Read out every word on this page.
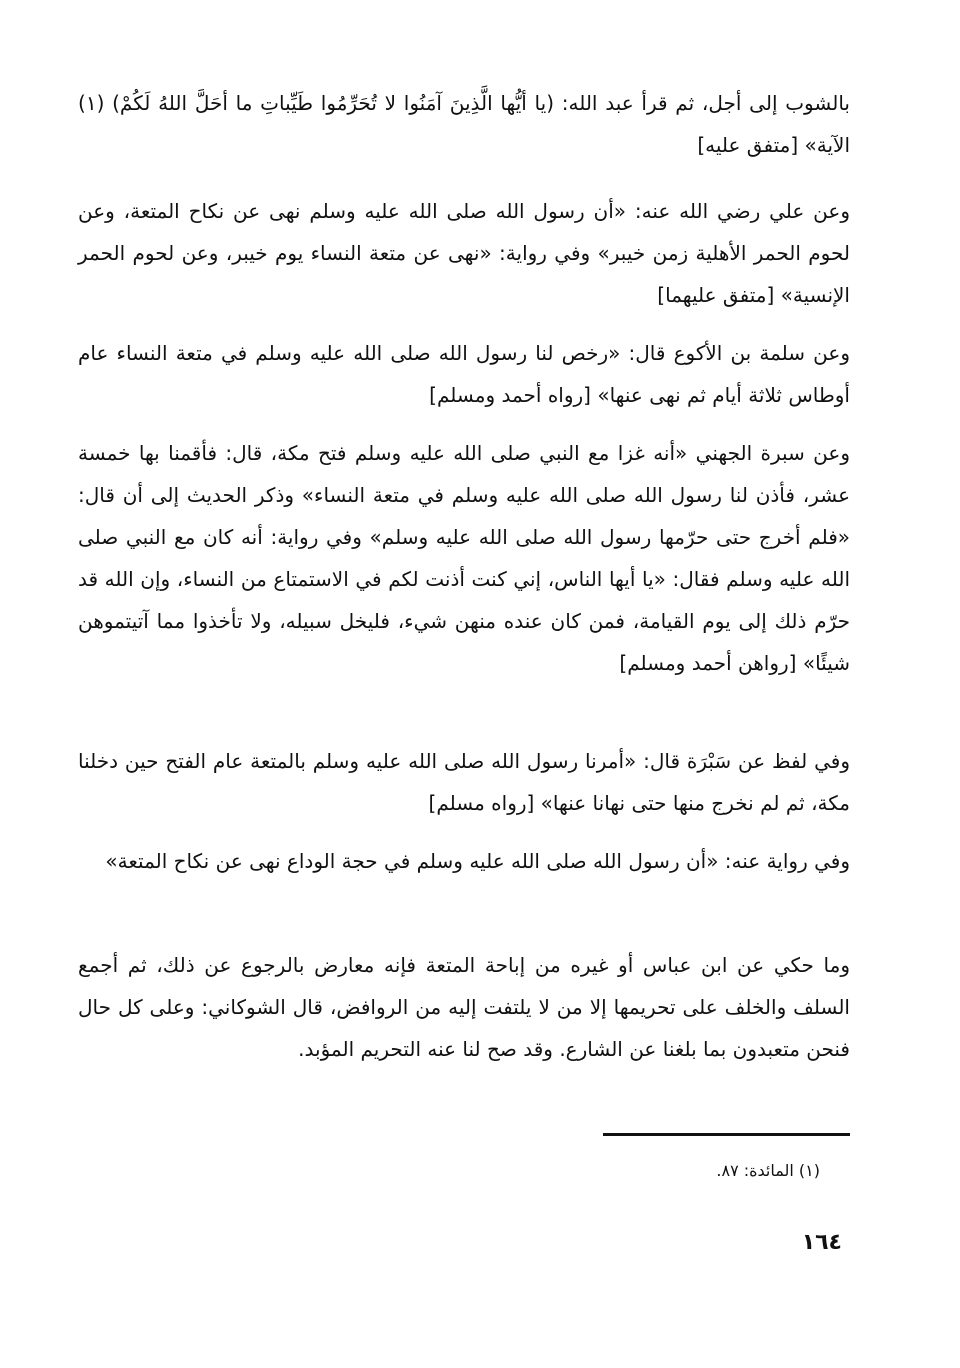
بالشوب إلى أجل، ثم قرأ عبد الله: (يا أيُّها الَّذِينَ آمَنُوا لا تُحَرِّمُوا طَيِّباتِ ما أحَلَّ اللهُ لَكُمْ) (١) الآية» [متفق عليه]

وعن علي رضي الله عنه: «أن رسول الله صلى الله عليه وسلم نهى عن نكاح المتعة، وعن لحوم الحمر الأهلية زمن خيبر» وفي رواية: «نهى عن متعة النساء يوم خيبر، وعن لحوم الحمر الإنسية» [متفق عليهما]

وعن سلمة بن الأكوع قال: «رخص لنا رسول الله صلى الله عليه وسلم في متعة النساء عام أوطاس ثلاثة أيام ثم نهى عنها» [رواه أحمد ومسلم]

وعن سبرة الجهني «أنه غزا مع النبي صلى الله عليه وسلم فتح مكة، قال: فأقمنا بها خمسة عشر، فأذن لنا رسول الله صلى الله عليه وسلم في متعة النساء» وذكر الحديث إلى أن قال: «فلم أخرج حتى حرّمها رسول الله صلى الله عليه وسلم» وفي رواية: أنه كان مع النبي صلى الله عليه وسلم فقال: «يا أيها الناس، إني كنت أذنت لكم في الاستمتاع من النساء، وإن الله قد حرّم ذلك إلى يوم القيامة، فمن كان عنده منهن شيء، فليخل سبيله، ولا تأخذوا مما آتيتموهن شيئًا» [رواهن أحمد ومسلم]

وفي لفظ عن سَبْرَة قال: «أمرنا رسول الله صلى الله عليه وسلم بالمتعة عام الفتح حين دخلنا مكة، ثم لم نخرج منها حتى نهانا عنها» [رواه مسلم]

وفي رواية عنه: «أن رسول الله صلى الله عليه وسلم في حجة الوداع نهى عن نكاح المتعة»

وما حكي عن ابن عباس أو غيره من إباحة المتعة فإنه معارض بالرجوع عن ذلك، ثم أجمع السلف والخلف على تحريمها إلا من لا يلتفت إليه من الروافض، قال الشوكاني: وعلى كل حال فنحن متعبدون بما بلغنا عن الشارع. وقد صح لنا عنه التحريم المؤبد.

(١) المائدة: ٨٧.
١٦٤
